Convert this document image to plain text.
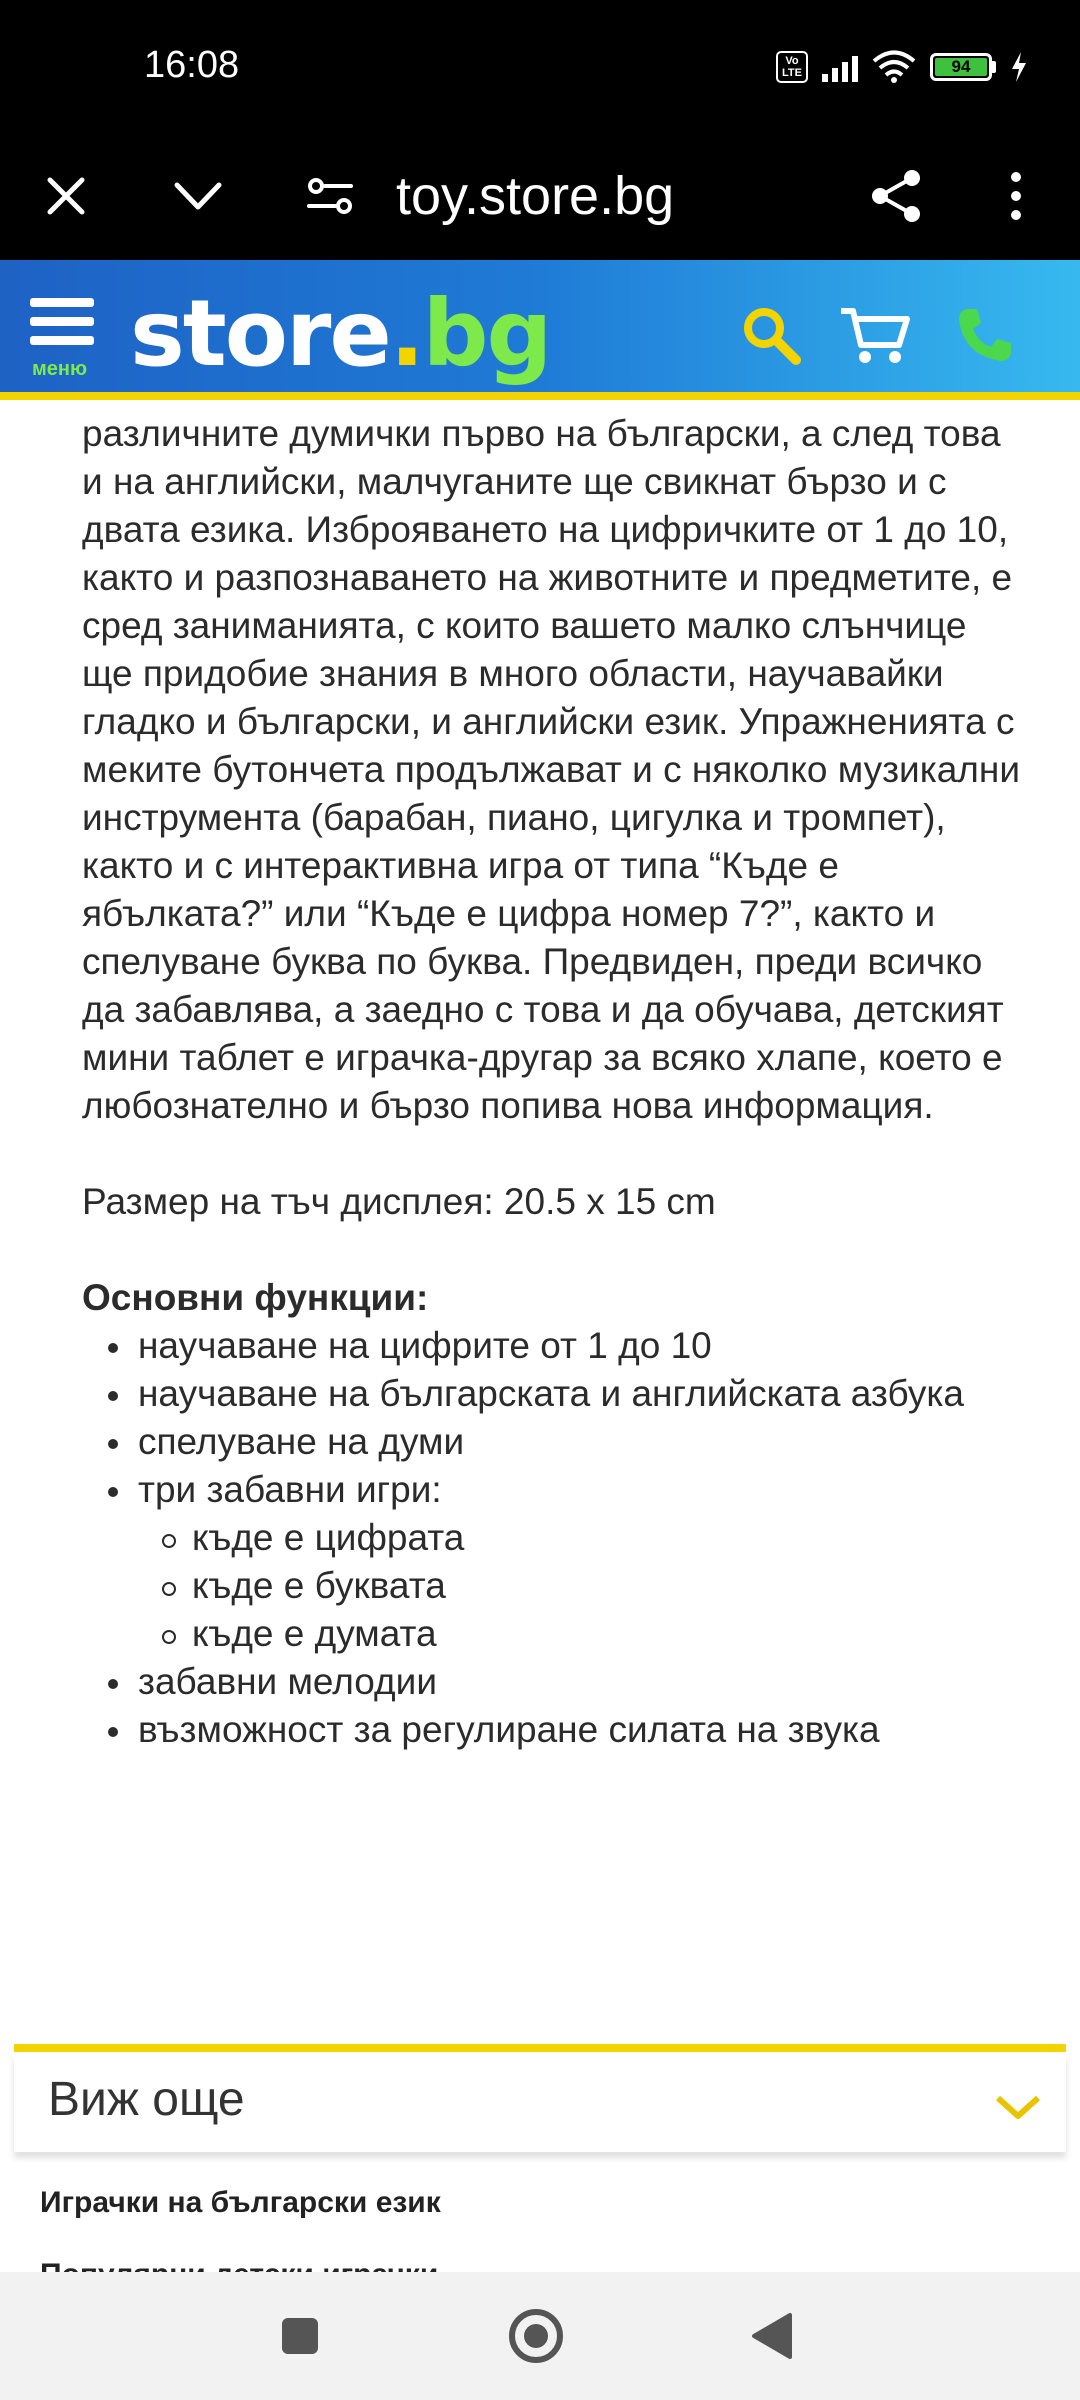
16:08	Vo LTE	94
toy.store.bg
меню store.bg

различните думички първо на български, а след това и на английски, малчуганите ще свикнат бързо и с двата езика. Изброяването на цифричките от 1 до 10, както и разпознаването на животните и предметите, е сред заниманията, с които вашето малко слънчице ще придобие знания в много области, научавайки гладко и български, и английски език. Упражненията с меките бутончета продължават и с няколко музикални инструмента (барабан, пиано, цигулка и тромпет), както и с интерактивна игра от типа “Къде е ябълката?” или “Къде е цифра номер 7?”, както и спелуване буква по буква. Предвиден, преди всичко да забавлява, а заедно с това и да обучава, детският мини таблет е играчка-другар за всяко хлапе, което е любознателно и бързо попива нова информация.

Размер на тъч дисплея: 20.5 x 15 cm

Основни функции:
научаване на цифрите от 1 до 10
научаване на българската и английската азбука
спелуване на думи
три забавни игри:
къде е цифрата
къде е буквата
къде е думата
забавни мелодии
възможност за регулиране силата на звука
Виж още
Играчки на български език
